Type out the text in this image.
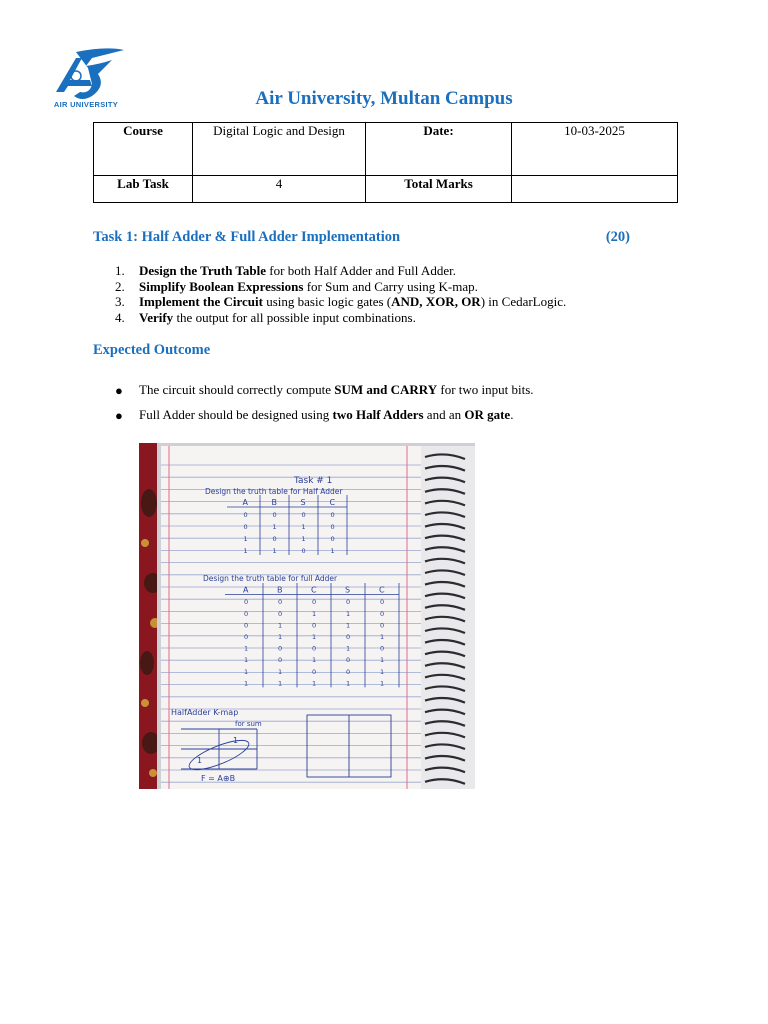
AIR UNIVERSITY	Air University, Multan Campus
Course	Digital Logic and Design	Date:	10-03-2025
Lab Task	4	Total Marks	
Task 1: Half Adder & Full Adder Implementation	(20)
1. Design the Truth Table for both Half Adder and Full Adder.
2. Simplify Boolean Expressions for Sum and Carry using K-map.
3. Implement the Circuit using basic logic gates (AND, XOR, OR) in CedarLogic.
4. Verify the output for all possible input combinations.
Expected Outcome
● The circuit should correctly compute SUM and CARRY for two input bits.
● Full Adder should be designed using two Half Adders and an OR gate.
Task # 1
Design the truth table for Half Adder
A	B	S	C
0	0	0	0
0	1	1	0
1	0	1	0
1	1	0	1
Design the truth table for full Adder
A	B	C	S	C
0	0	0	0	0
0	0	1	1	0
0	1	0	1	0
0	1	1	0	1
1	0	0	1	0
1	0	1	0	1
1	1	0	0	1
1	1	1	1	1
HalfAdder K-map
for sum
1
1
F = A⊕B
